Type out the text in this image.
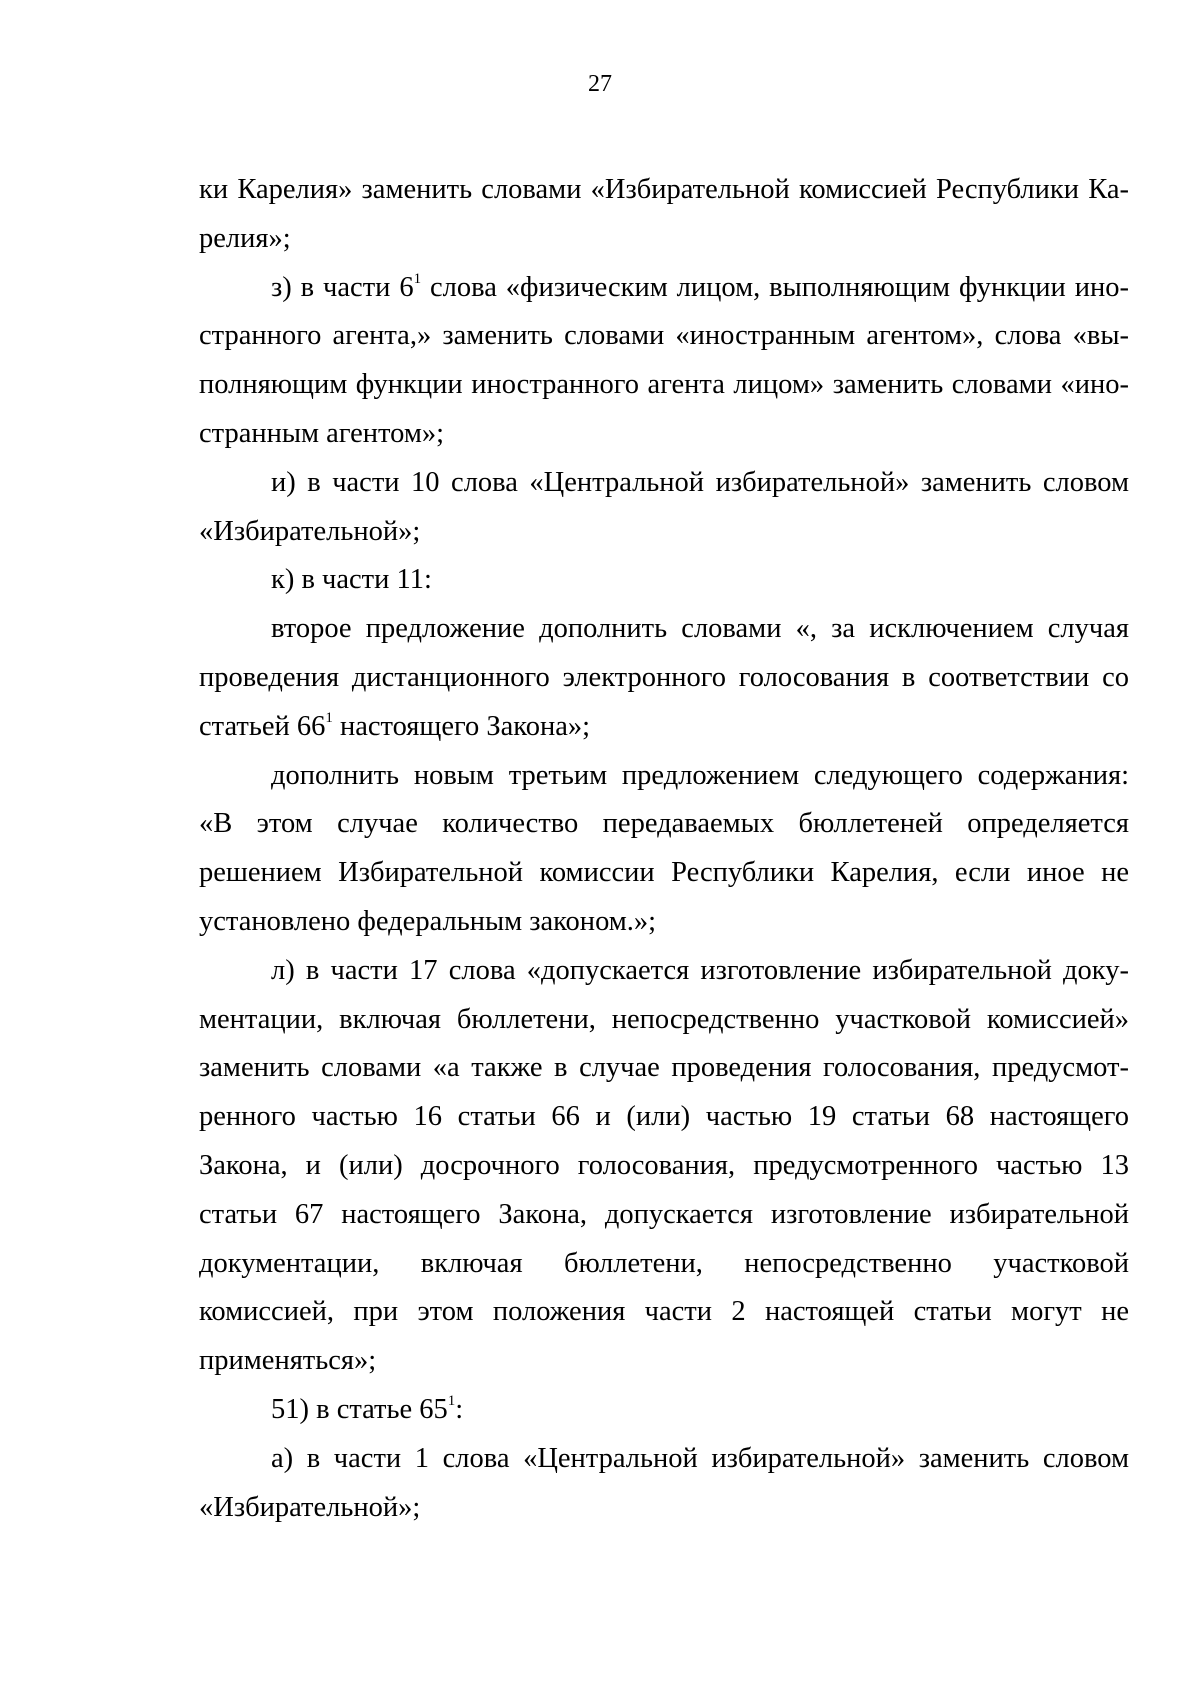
27

ки Карелия» заменить словами «Избирательной комиссией Республики Карелия»;

з) в части $6^1$ слова «физическим лицом, выполняющим функции иностранного агента,» заменить словами «иностранным агентом», слова «выполняющим функции иностранного агента лицом» заменить словами «иностранным агентом»;

и) в части 10 слова «Центральной избирательной» заменить словом «Избирательной»;

к) в части 11:

второе предложение дополнить словами «, за исключением случая проведения дистанционного электронного голосования в соответствии со статьей $66^1$ настоящего Закона»;

дополнить новым третьим предложением следующего содержания: «В этом случае количество передаваемых бюллетеней определяется решением Избирательной комиссии Республики Карелия, если иное не установлено федеральным законом.»;

л) в части 17 слова «допускается изготовление избирательной документации, включая бюллетени, непосредственно участковой комиссией» заменить словами «а также в случае проведения голосования, предусмотренного частью 16 статьи 66 и (или) частью 19 статьи 68 настоящего Закона, и (или) досрочного голосования, предусмотренного частью 13 статьи 67 настоящего Закона, допускается изготовление избирательной документации, включая бюллетени, непосредственно участковой комиссией, при этом положения части 2 настоящей статьи могут не применяться»;

51) в статье $65^1$:

а) в части 1 слова «Центральной избирательной» заменить словом «Избирательной»;
